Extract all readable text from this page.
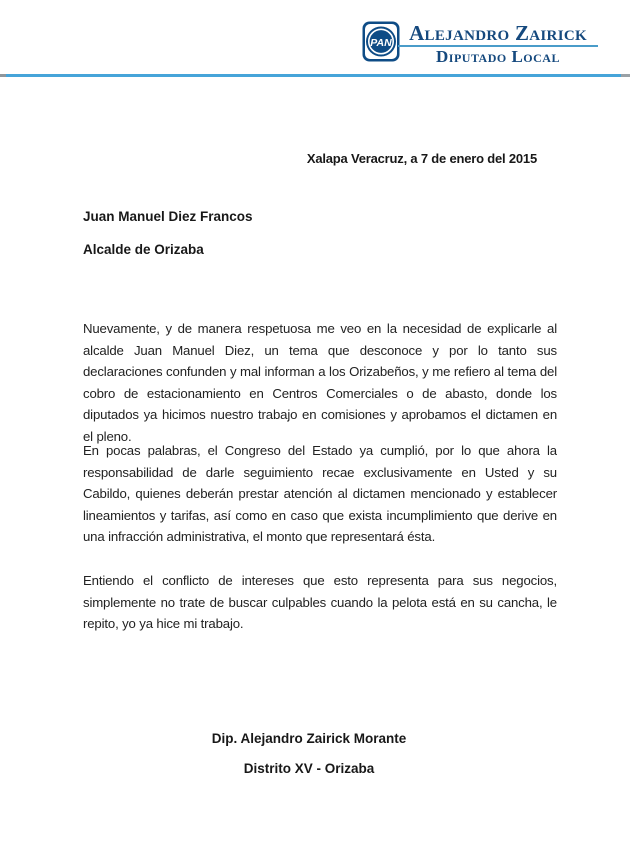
PAN Alejandro Zairick
Diputado Local
Xalapa Veracruz, a 7 de enero del 2015
Juan Manuel Diez Francos
Alcalde de Orizaba
Nuevamente, y de manera respetuosa me veo en la necesidad de explicarle al
alcalde Juan Manuel Diez, un tema que desconoce y por lo tanto sus
declaraciones confunden y mal informan a los Orizabeños, y me refiero al tema del
cobro de estacionamiento en Centros Comerciales o de abasto, donde los
diputados ya hicimos nuestro trabajo en comisiones y aprobamos el dictamen en
el pleno.
En pocas palabras, el Congreso del Estado ya cumplió, por lo que ahora la
responsabilidad de darle seguimiento recae exclusivamente en Usted y su
Cabildo, quienes deberán prestar atención al dictamen mencionado y establecer
lineamientos y tarifas, así como en caso que exista incumplimiento que derive en
una infracción administrativa, el monto que representará ésta.
Entiendo el conflicto de intereses que esto representa para sus negocios,
simplemente no trate de buscar culpables cuando la pelota está en su cancha, le
repito, yo ya hice mi trabajo.
Dip. Alejandro Zairick Morante
Distrito XV - Orizaba
